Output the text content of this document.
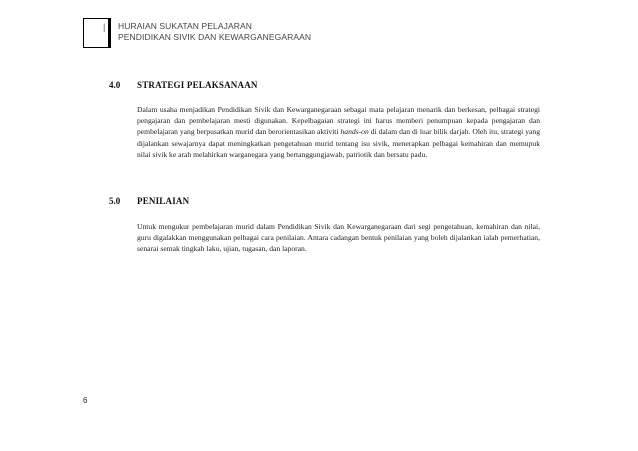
| HURAIAN SUKATAN PELAJARAN
PENDIDIKAN SIVIK DAN KEWARGANEGARAAN
4.0 STRATEGI PELAKSANAAN

Dalam usaha menjadikan Pendidikan Sivik dan Kewarganegaraan sebagai mata pelajaran menarik dan berkesan, pelbagai strategi pengajaran dan pembelajaran mesti digunakan. Kepelbagaian strategi ini harus memberi penumpuan kepada pengajaran dan pembelajaran yang berpusatkan murid dan berorientasikan aktiviti hands-on di dalam dan di luar bilik darjah. Oleh itu, strategi yang dijalankan sewajarnya dapat meningkatkan pengetahuan murid tentang isu sivik, menerapkan pelbagai kemahiran dan memupuk nilai sivik ke arah melahirkan warganegara yang bertanggungjawab, patriotik dan bersatu padu.

5.0 PENILAIAN

Untuk mengukur pembelajaran murid dalam Pendidikan Sivik dan Kewarganegaraan dari segi pengetahuan, kemahiran dan nilai, guru digalakkan menggunakan pelbagai cara penilaian. Antara cadangan bentuk penilaian yang boleh dijalankan ialah pemerhatian, senarai semak tingkah laku, ujian, tugasan, dan laporan.

6
